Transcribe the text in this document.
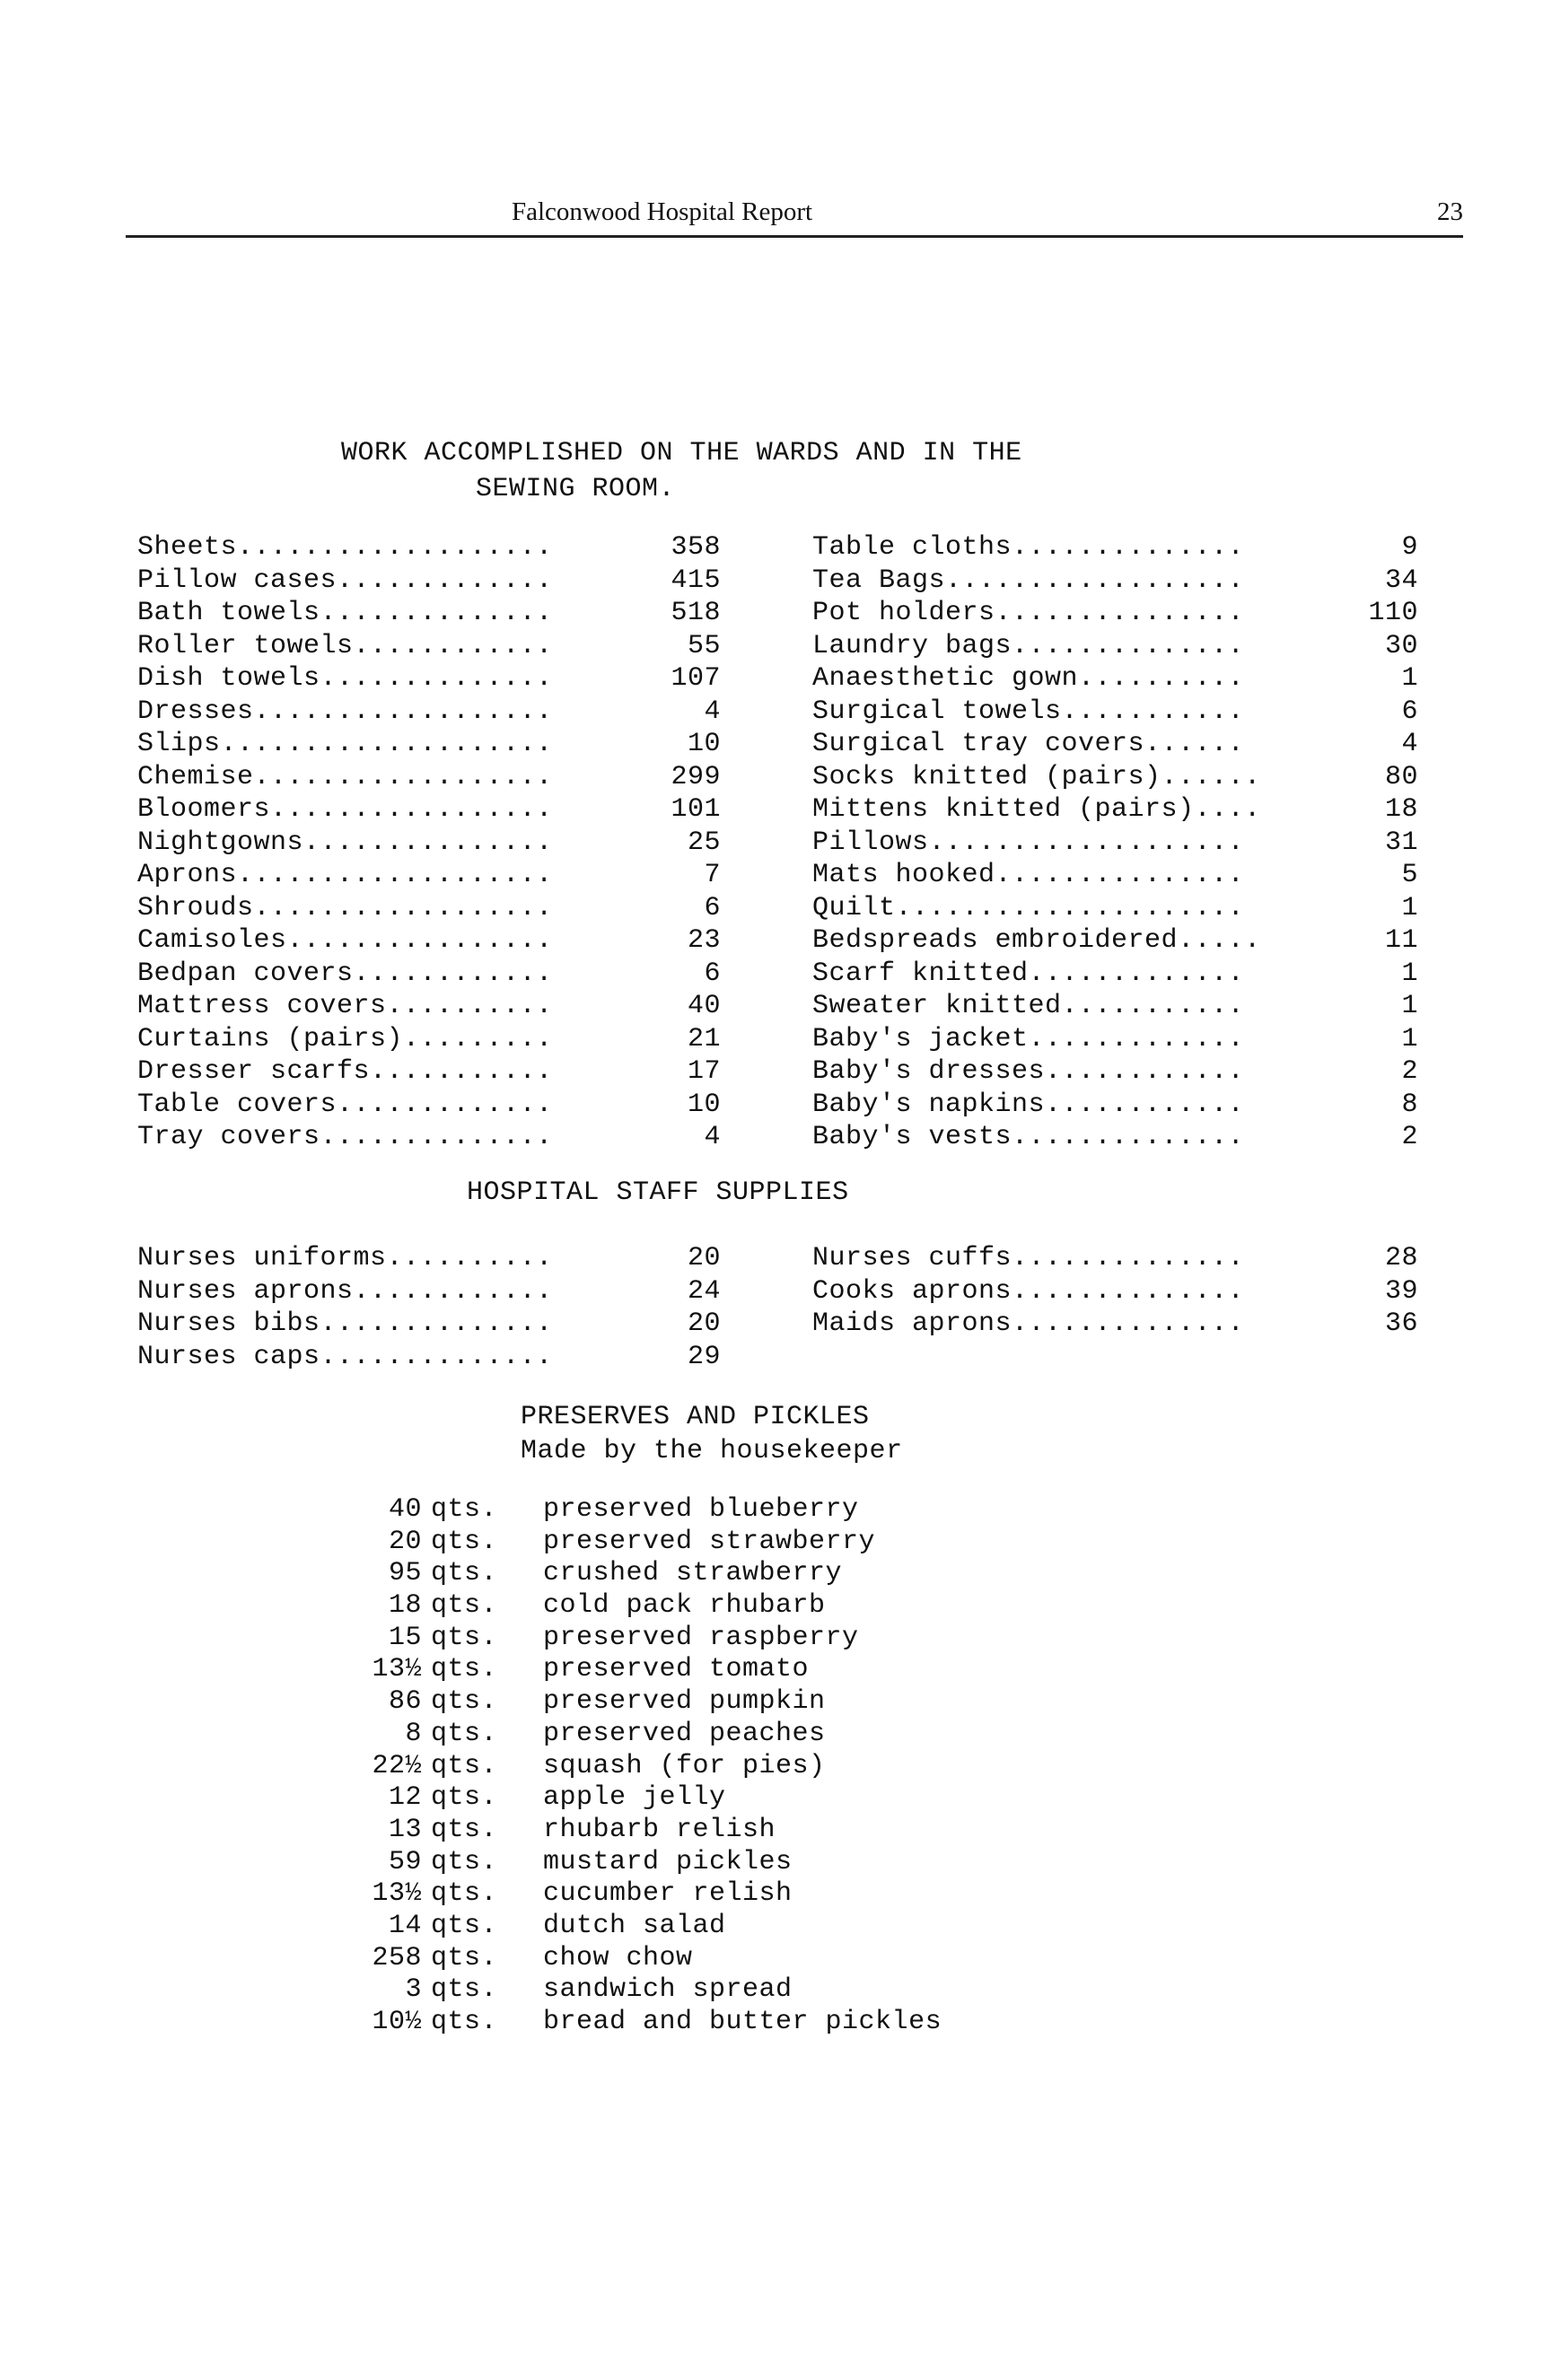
Falconwood Hospital Report	23
WORK ACCOMPLISHED ON THE WARDS AND IN THE
SEWING ROOM.
Sheets...................	358
Pillow cases.............	415
Bath towels..............	518
Roller towels............	55
Dish towels..............	107
Dresses..................	4
Slips....................	10
Chemise..................	299
Bloomers.................	101
Nightgowns...............	25
Aprons...................	7
Shrouds..................	6
Camisoles................	23
Bedpan covers............	6
Mattress covers..........	40
Curtains (pairs).........	21
Dresser scarfs...........	17
Table covers.............	10
Tray covers..............	4
Table cloths..............	9
Tea Bags..................	34
Pot holders...............	110
Laundry bags..............	30
Anaesthetic gown..........	1
Surgical towels...........	6
Surgical tray covers......	4
Socks knitted (pairs)......	80
Mittens knitted (pairs)....	18
Pillows...................	31
Mats hooked...............	5
Quilt.....................	1
Bedspreads embroidered.....	11
Scarf knitted.............	1
Sweater knitted...........	1
Baby's jacket.............	1
Baby's dresses............	2
Baby's napkins............	8
Baby's vests..............	2
HOSPITAL STAFF SUPPLIES
Nurses uniforms..........	20
Nurses aprons............	24
Nurses bibs..............	20
Nurses caps..............	29
Nurses cuffs..............	28
Cooks aprons..............	39
Maids aprons..............	36
PRESERVES AND PICKLES
Made by the housekeeper
40 qts. preserved blueberry
20 qts. preserved strawberry
95 qts. crushed strawberry
18 qts. cold pack rhubarb
15 qts. preserved raspberry
13½ qts. preserved tomato
86 qts. preserved pumpkin
8 qts. preserved peaches
22½ qts. squash (for pies)
12 qts. apple jelly
13 qts. rhubarb relish
59 qts. mustard pickles
13½ qts. cucumber relish
14 qts. dutch salad
258 qts. chow chow
3 qts. sandwich spread
10½ qts. bread and butter pickles
